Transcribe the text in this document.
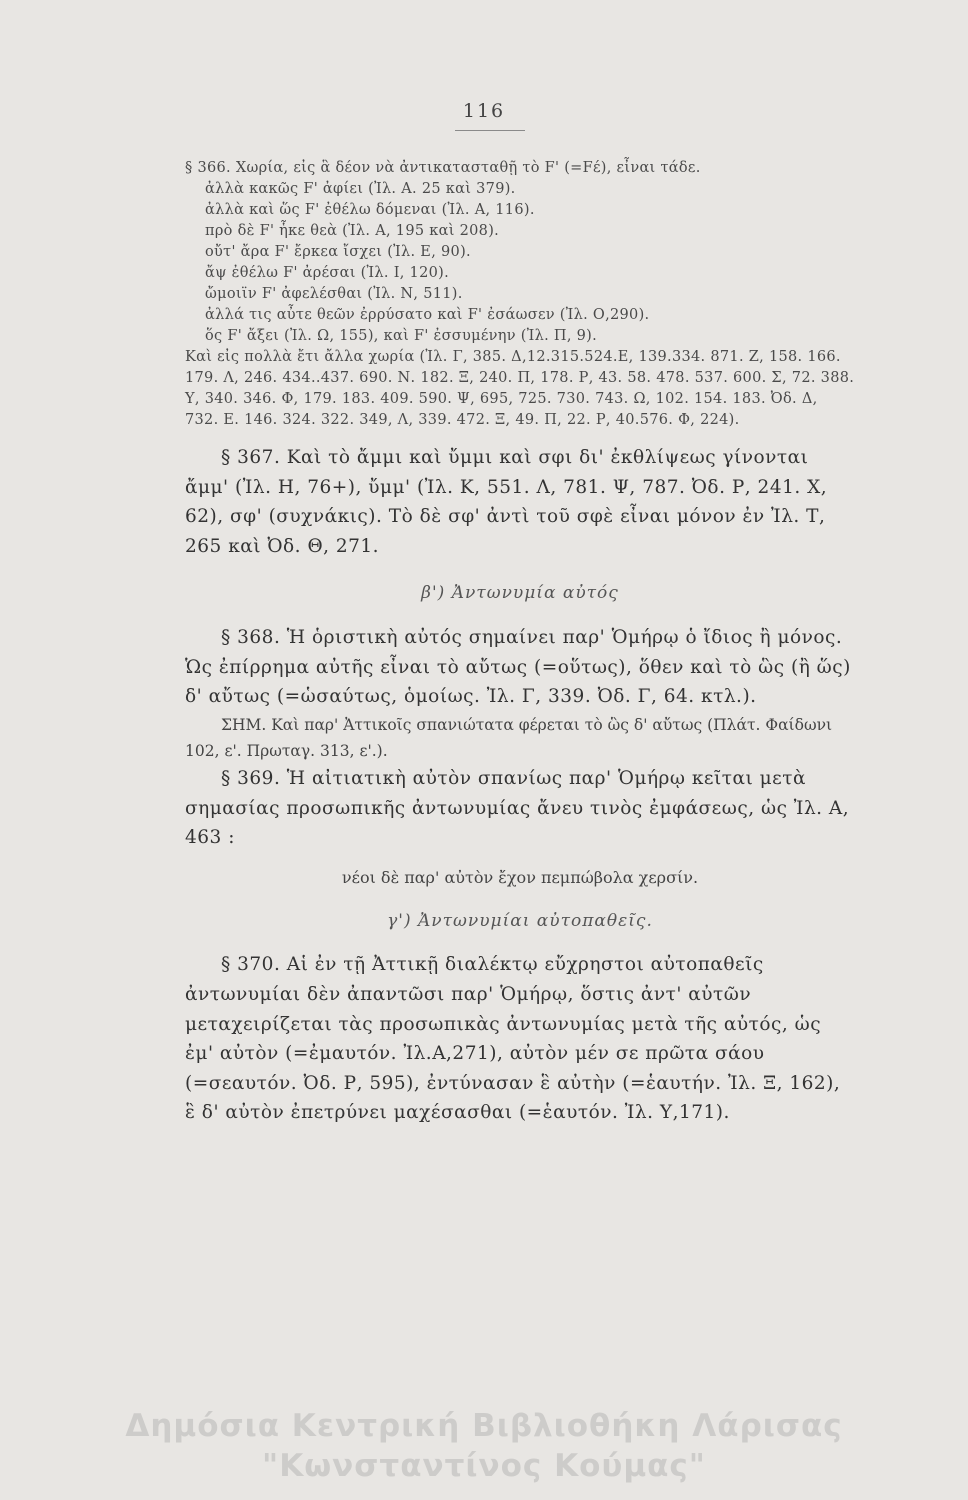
116

§ 366. Χωρία, εἰς ἃ δέον νὰ ἀντικατασταθῇ τὸ F' (=Fέ), εἶναι τάδε.

ἀλλὰ κακῶς F' ἀφίει (Ἰλ. Α. 25 καὶ 379).

ἀλλὰ καὶ ὥς F' ἐθέλω δόμεναι (Ἰλ. Α, 116).

πρὸ δὲ F' ἧκε θεὰ (Ἰλ. Α, 195 καὶ 208).

οὔτ' ἄρα F' ἔρκεα ἴσχει (Ἰλ. Ε, 90).

ἄψ ἐθέλω F' ἀρέσαι (Ἰλ. Ι, 120).

ὤμοιϊν F' ἀφελέσθαι (Ἰλ. Ν, 511).

ἀλλά τις αὖτε θεῶν ἐρρύσατο καὶ F' ἐσάωσεν (Ἰλ. Ο,290).

ὅς F' ἄξει (Ἰλ. Ω, 155), καὶ F' ἐσσυμένην (Ἰλ. Π, 9).

Καὶ εἰς πολλὰ ἔτι ἄλλα χωρία (Ἰλ. Γ, 385. Δ,12.315.524.Ε, 139.334. 871. Ζ, 158. 166. 179. Λ, 246. 434..437. 690. Ν. 182. Ξ, 240. Π, 178. Ρ, 43. 58. 478. 537. 600. Σ, 72. 388. Υ, 340. 346. Φ, 179. 183. 409. 590. Ψ, 695, 725. 730. 743. Ω, 102. 154. 183. Ὀδ. Δ, 732. Ε. 146. 324. 322. 349, Λ, 339. 472. Ξ, 49. Π, 22. Ρ, 40.576. Φ, 224).

§ 367. Καὶ τὸ ἄμμι καὶ ὔμμι καὶ σφι δι' ἐκθλίψεως γίνονται ἄμμ' (Ἰλ. Η, 76+), ὔμμ' (Ἰλ. Κ, 551. Λ, 781. Ψ, 787. Ὀδ. Ρ, 241. Χ, 62), σφ' (συχνάκις). Τὸ δὲ σφ' ἀντὶ τοῦ σφὲ εἶναι μόνον ἐν Ἰλ. Τ, 265 καὶ Ὀδ. Θ, 271.

β') Ἀντωνυμία αὐτός

§ 368. Ἡ ὁριστικὴ αὐτός σημαίνει παρ' Ὁμήρῳ ὁ ἴδιος ἢ μόνος. Ὡς ἐπίρρημα αὐτῆς εἶναι τὸ αὔτως (=οὕτως), ὅθεν καὶ τὸ ὣς (ἢ ὥς) δ' αὔτως (=ὡσαύτως, ὁμοίως. Ἰλ. Γ, 339. Ὀδ. Γ, 64. κτλ.).

ΣΗΜ. Καὶ παρ' Ἀττικοῖς σπανιώτατα φέρεται τὸ ὣς δ' αὔτως (Πλάτ. Φαίδωνι 102, ε'. Πρωταγ. 313, ε'.).

§ 369. Ἡ αἰτιατικὴ αὐτὸν σπανίως παρ' Ὁμήρῳ κεῖται μετὰ σημασίας προσωπικῆς ἀντωνυμίας ἄνευ τινὸς ἐμφάσεως, ὡς Ἰλ. Α, 463 :

νέοι δὲ παρ' αὐτὸν ἔχον πεμπώβολα χερσίν.
γ') Ἀντωνυμίαι αὐτοπαθεῖς.

§ 370. Αἱ ἐν τῇ Ἀττικῇ διαλέκτῳ εὔχρηστοι αὐτοπαθεῖς ἀντωνυμίαι δὲν ἀπαντῶσι παρ' Ὁμήρῳ, ὅστις ἀντ' αὐτῶν μεταχειρίζεται τὰς προσωπικὰς ἀντωνυμίας μετὰ τῆς αὐτός, ὡς ἐμ' αὐτὸν (=ἐμαυτόν. Ἰλ.Α,271), αὐτὸν μέν σε πρῶτα σάου (=σεαυτόν. Ὀδ. Ρ, 595), ἐντύνασαν ἓ αὐτὴν (=ἑαυτήν. Ἰλ. Ξ, 162), ἓ δ' αὐτὸν ἐπετρύνει μαχέσασθαι (=ἑαυτόν. Ἰλ. Υ,171).

Δημόσια Κεντρική Βιβλιοθήκη Λάρισας
"Κωνσταντίνος Κούμας"
